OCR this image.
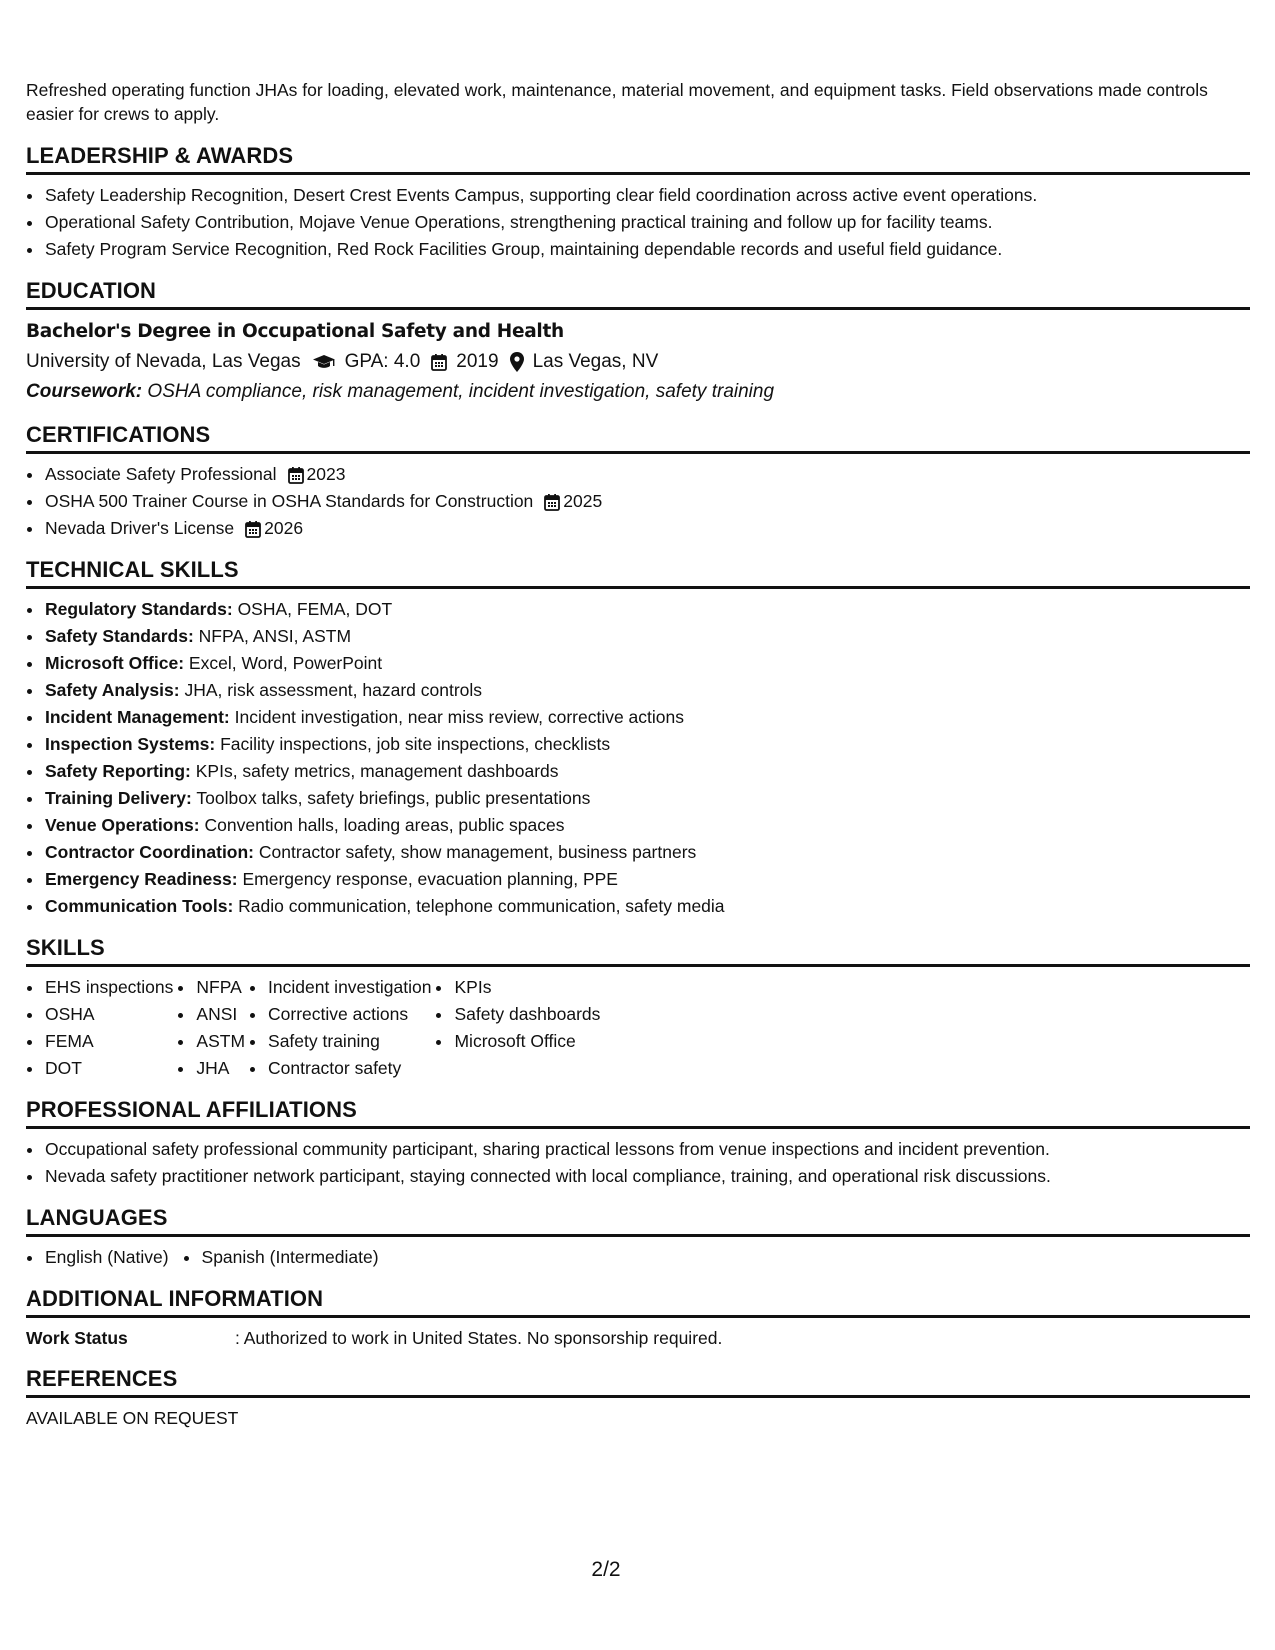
Refreshed operating function JHAs for loading, elevated work, maintenance, material movement, and equipment tasks. Field observations made controls easier for crews to apply.

LEADERSHIP & AWARDS
• Safety Leadership Recognition, Desert Crest Events Campus, supporting clear field coordination across active event operations.
• Operational Safety Contribution, Mojave Venue Operations, strengthening practical training and follow up for facility teams.
• Safety Program Service Recognition, Red Rock Facilities Group, maintaining dependable records and useful field guidance.
EDUCATION
Bachelor's Degree in Occupational Safety and Health
University of Nevada, Las Vegas GPA: 4.0 2019 Las Vegas, NV
Coursework: OSHA compliance, risk management, incident investigation, safety training
CERTIFICATIONS
• Associate Safety Professional 2023
• OSHA 500 Trainer Course in OSHA Standards for Construction 2025
• Nevada Driver's License 2026
TECHNICAL SKILLS
• Regulatory Standards: OSHA, FEMA, DOT
• Safety Standards: NFPA, ANSI, ASTM
• Microsoft Office: Excel, Word, PowerPoint
• Safety Analysis: JHA, risk assessment, hazard controls
• Incident Management: Incident investigation, near miss review, corrective actions
• Inspection Systems: Facility inspections, job site inspections, checklists
• Safety Reporting: KPIs, safety metrics, management dashboards
• Training Delivery: Toolbox talks, safety briefings, public presentations
• Venue Operations: Convention halls, loading areas, public spaces
• Contractor Coordination: Contractor safety, show management, business partners
• Emergency Readiness: Emergency response, evacuation planning, PPE
• Communication Tools: Radio communication, telephone communication, safety media
SKILLS
• EHS inspections
• OSHA
• FEMA
• DOT
• NFPA
• ANSI
• ASTM
• JHA
• Incident investigation
• Corrective actions
• Safety training
• Contractor safety
• KPIs
• Safety dashboards
• Microsoft Office
PROFESSIONAL AFFILIATIONS
• Occupational safety professional community participant, sharing practical lessons from venue inspections and incident prevention.
• Nevada safety practitioner network participant, staying connected with local compliance, training, and operational risk discussions.
LANGUAGES
• English (Native)
• Spanish (Intermediate)
ADDITIONAL INFORMATION
Work Status	: Authorized to work in United States. No sponsorship required.
REFERENCES
AVAILABLE ON REQUEST
2/2
